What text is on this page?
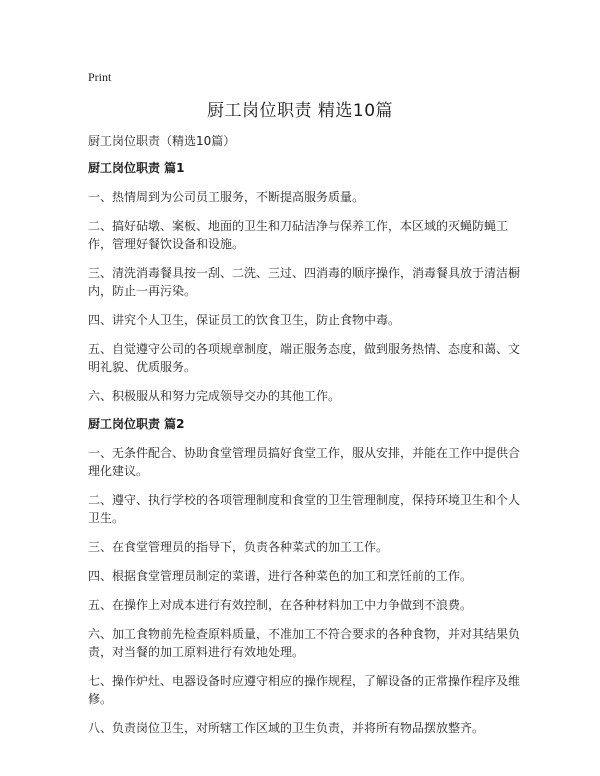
Print
厨工岗位职责 精选10篇
厨工岗位职责（精选10篇）
厨工岗位职责 篇1

一、热情周到为公司员工服务，不断提高服务质量。

二、搞好砧墩、案板、地面的卫生和刀砧洁净与保养工作，本区域的灭蝇防蝇工作，管理好餐饮设备和设施。

三、清洗消毒餐具按一刮、二洗、三过、四消毒的顺序操作，消毒餐具放于清洁橱内，防止一再污染。

四、讲究个人卫生，保证员工的饮食卫生，防止食物中毒。

五、自觉遵守公司的各项规章制度，端正服务态度，做到服务热情、态度和蔼、文明礼貌、优质服务。

六、积极服从和努力完成领导交办的其他工作。

厨工岗位职责 篇2

一、无条件配合、协助食堂管理员搞好食堂工作，服从安排，并能在工作中提供合理化建议。

二、遵守、执行学校的各项管理制度和食堂的卫生管理制度，保持环境卫生和个人卫生。

三、在食堂管理员的指导下，负责各种菜式的加工工作。

四、根据食堂管理员制定的菜谱，进行各种菜色的加工和烹饪前的工作。

五、在操作上对成本进行有效控制，在各种材料加工中力争做到不浪费。

六、加工食物前先检查原料质量，不准加工不符合要求的各种食物，并对其结果负责，对当餐的加工原料进行有效地处理。

七、操作炉灶、电器设备时应遵守相应的操作规程，了解设备的正常操作程序及维修。

八、负责岗位卫生，对所辖工作区域的卫生负责，并将所有物品摆放整齐。
